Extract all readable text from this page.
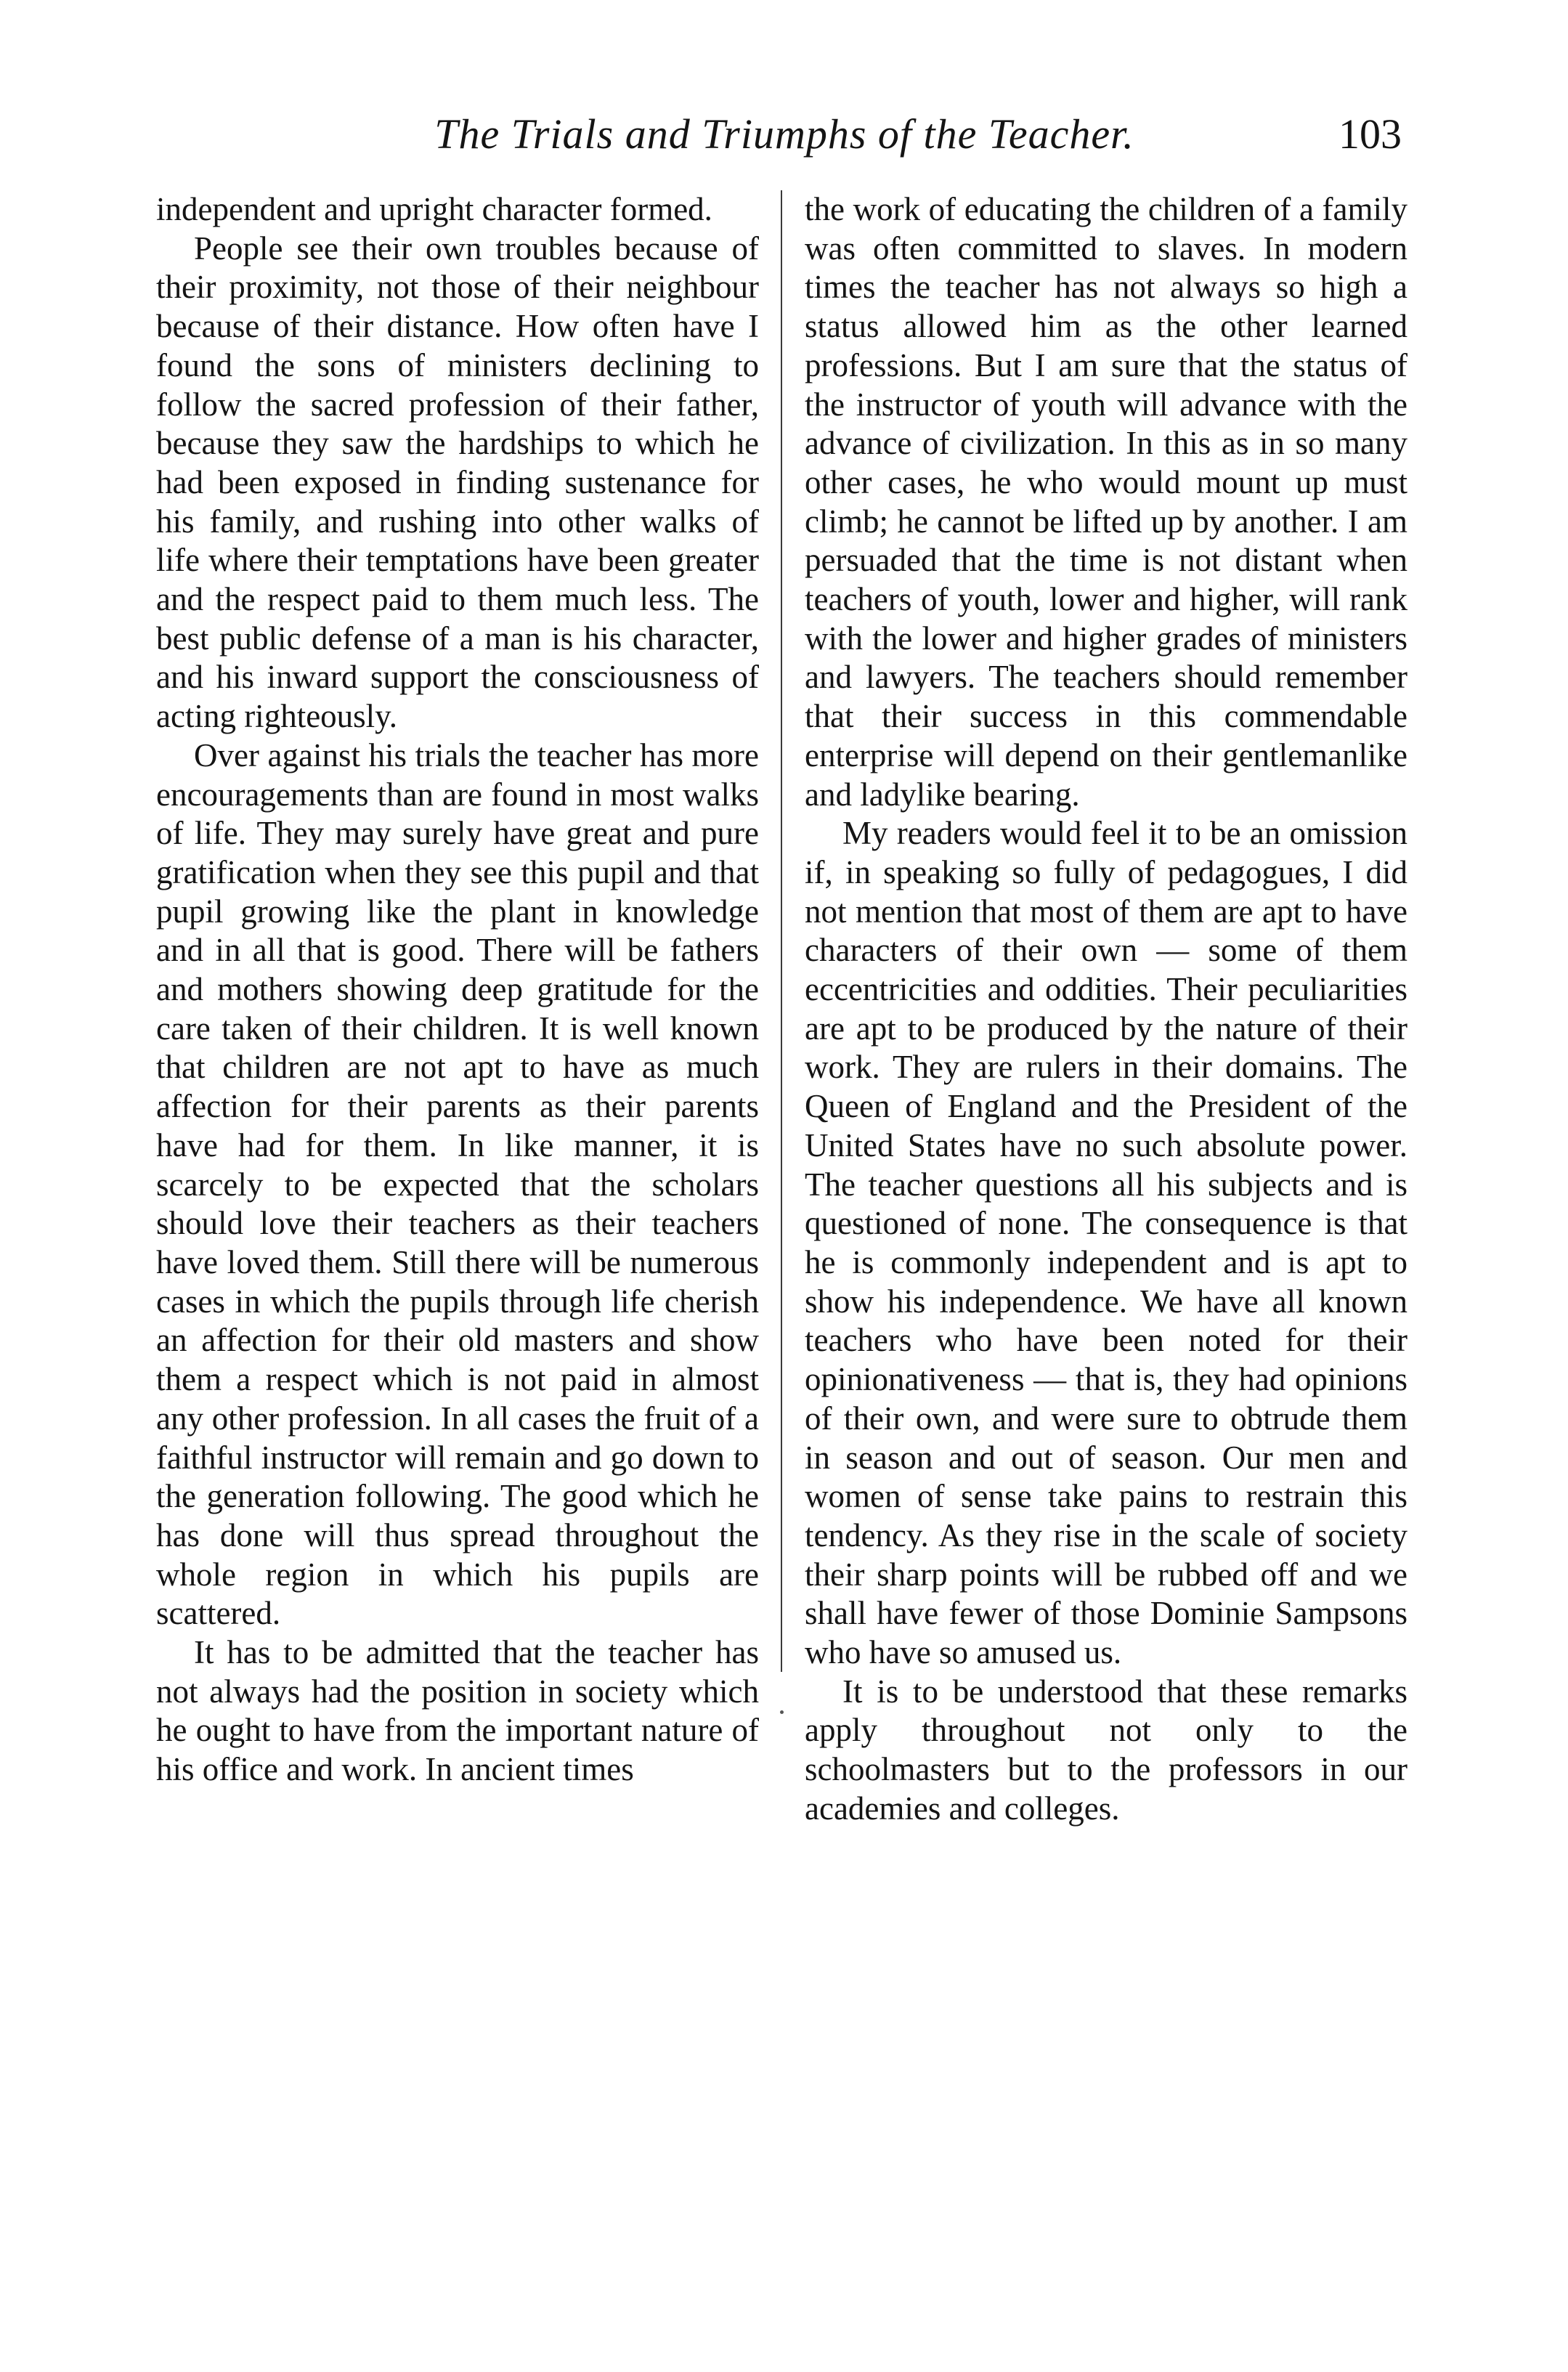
The Trials and Triumphs of the Teacher.	103

independent and upright character formed.

People see their own troubles because of their proximity, not those of their neighbour because of their distance. How often have I found the sons of ministers declining to follow the sacred profession of their father, because they saw the hardships to which he had been exposed in finding sustenance for his family, and rushing into other walks of life where their temptations have been greater and the respect paid to them much less. The best public defense of a man is his character, and his inward support the consciousness of acting righteously.

Over against his trials the teacher has more encouragements than are found in most walks of life. They may surely have great and pure gratification when they see this pupil and that pupil growing like the plant in knowledge and in all that is good. There will be fathers and mothers showing deep gratitude for the care taken of their children. It is well known that children are not apt to have as much affection for their parents as their parents have had for them. In like manner, it is scarcely to be expected that the scholars should love their teachers as their teachers have loved them. Still there will be numerous cases in which the pupils through life cherish an affection for their old masters and show them a respect which is not paid in almost any other profession. In all cases the fruit of a faithful instructor will remain and go down to the generation following. The good which he has done will thus spread throughout the whole region in which his pupils are scattered.

It has to be admitted that the teacher has not always had the position in society which he ought to have from the important nature of his office and work. In ancient times

the work of educating the children of a family was often committed to slaves. In modern times the teacher has not always so high a status allowed him as the other learned professions. But I am sure that the status of the instructor of youth will advance with the advance of civilization. In this as in so many other cases, he who would mount up must climb; he cannot be lifted up by another. I am persuaded that the time is not distant when teachers of youth, lower and higher, will rank with the lower and higher grades of ministers and lawyers. The teachers should remember that their success in this commendable enterprise will depend on their gentlemanlike and ladylike bearing.

My readers would feel it to be an omission if, in speaking so fully of pedagogues, I did not mention that most of them are apt to have characters of their own — some of them eccentricities and oddities. Their peculiarities are apt to be produced by the nature of their work. They are rulers in their domains. The Queen of England and the President of the United States have no such absolute power. The teacher questions all his subjects and is questioned of none. The consequence is that he is commonly independent and is apt to show his independence. We have all known teachers who have been noted for their opinionativeness — that is, they had opinions of their own, and were sure to obtrude them in season and out of season. Our men and women of sense take pains to restrain this tendency. As they rise in the scale of society their sharp points will be rubbed off and we shall have fewer of those Dominie Sampsons who have so amused us.

It is to be understood that these remarks apply throughout not only to the schoolmasters but to the professors in our academies and colleges.
